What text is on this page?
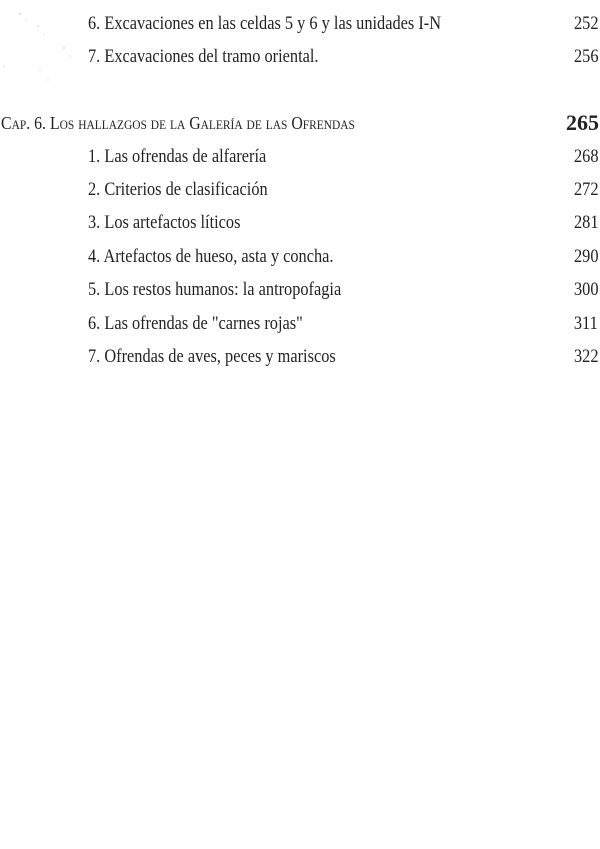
6. Excavaciones en las celdas 5 y 6 y las unidades I-N	252
7. Excavaciones del tramo oriental.	256
Cap. 6. Los hallazgos de la Galería de las Ofrendas	265
1. Las ofrendas de alfarería	268
2. Criterios de clasificación	272
3. Los artefactos líticos	281
4. Artefactos de hueso, asta y concha.	290
5. Los restos humanos: la antropofagia	300
6. Las ofrendas de "carnes rojas"	311
7. Ofrendas de aves, peces y mariscos	322
